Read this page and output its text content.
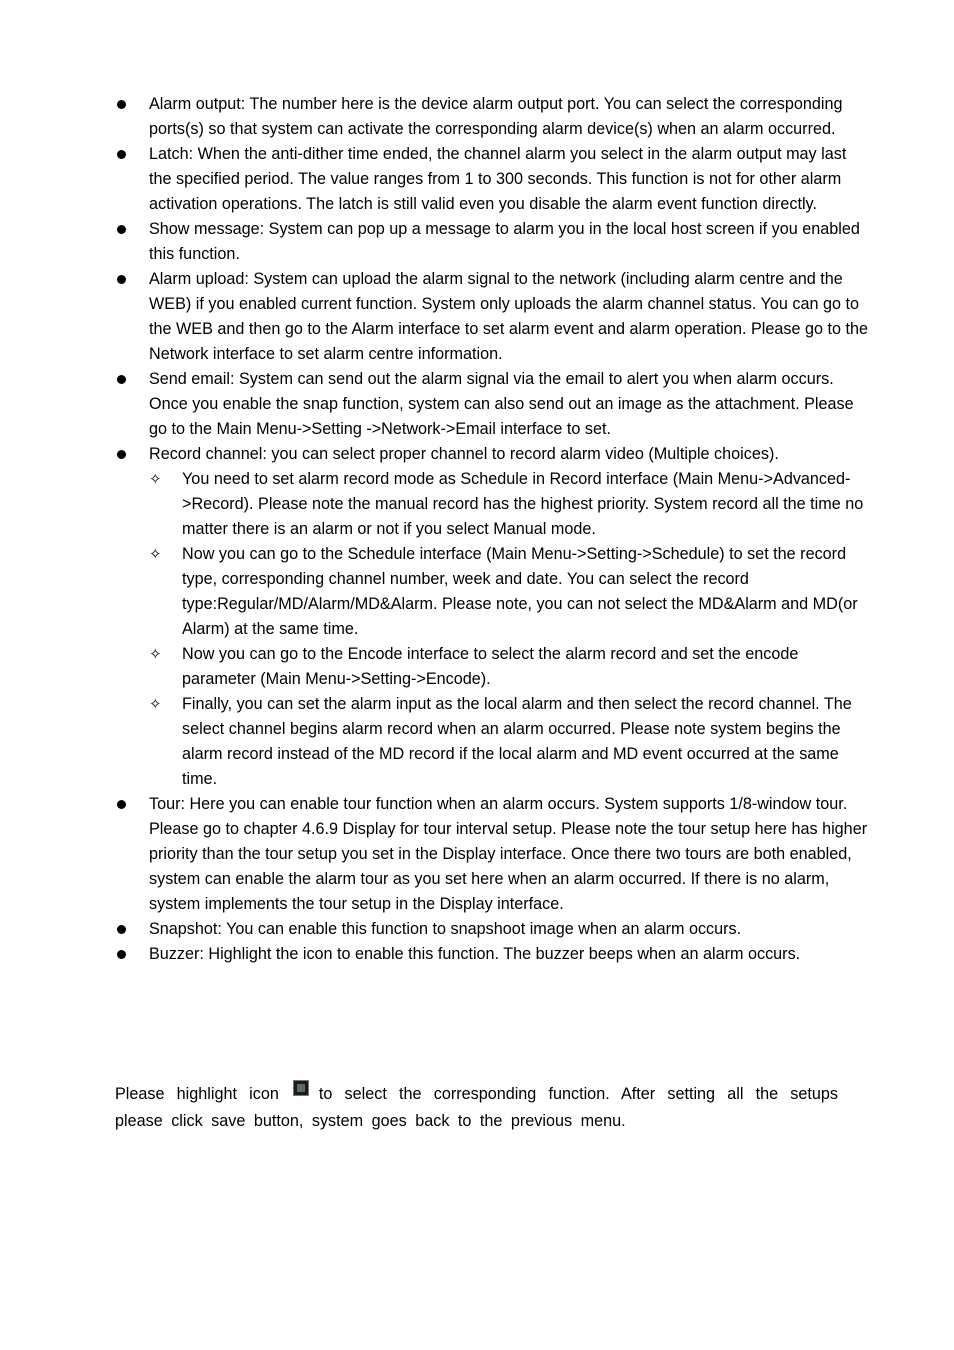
Alarm output: The number here is the device alarm output port. You can select the corresponding ports(s) so that system can activate the corresponding alarm device(s) when an alarm occurred.
Latch: When the anti-dither time ended, the channel alarm you select in the alarm output may last the specified period. The value ranges from 1 to 300 seconds. This function is not for other alarm activation operations. The latch is still valid even you disable the alarm event function directly.
Show message: System can pop up a message to alarm you in the local host screen if you enabled this function.
Alarm upload: System can upload the alarm signal to the network (including alarm centre and the WEB) if you enabled current function. System only uploads the alarm channel status. You can go to the WEB and then go to the Alarm interface to set alarm event and alarm operation. Please go to the Network interface to set alarm centre information.
Send email: System can send out the alarm signal via the email to alert you when alarm occurs. Once you enable the snap function, system can also send out an image as the attachment. Please go to the Main Menu->Setting ->Network->Email interface to set.
Record channel: you can select proper channel to record alarm video (Multiple choices).
✧ You need to set alarm record mode as Schedule in Record interface (Main Menu->Advanced->Record). Please note the manual record has the highest priority. System record all the time no matter there is an alarm or not if you select Manual mode.
✧ Now you can go to the Schedule interface (Main Menu->Setting->Schedule) to set the record type, corresponding channel number, week and date. You can select the record type:Regular/MD/Alarm/MD&Alarm. Please note, you can not select the MD&Alarm and MD(or Alarm) at the same time.
✧ Now you can go to the Encode interface to select the alarm record and set the encode parameter (Main Menu->Setting->Encode).
✧ Finally, you can set the alarm input as the local alarm and then select the record channel. The select channel begins alarm record when an alarm occurred. Please note system begins the alarm record instead of the MD record if the local alarm and MD event occurred at the same time.
Tour: Here you can enable tour function when an alarm occurs. System supports 1/8-window tour. Please go to chapter 4.6.9 Display for tour interval setup. Please note the tour setup here has higher priority than the tour setup you set in the Display interface. Once there two tours are both enabled, system can enable the alarm tour as you set here when an alarm occurred. If there is no alarm, system implements the tour setup in the Display interface.
Snapshot: You can enable this function to snapshoot image when an alarm occurs.
Buzzer: Highlight the icon to enable this function. The buzzer beeps when an alarm occurs.

Please highlight icon to select the corresponding function. After setting all the setups please click save button, system goes back to the previous menu.
